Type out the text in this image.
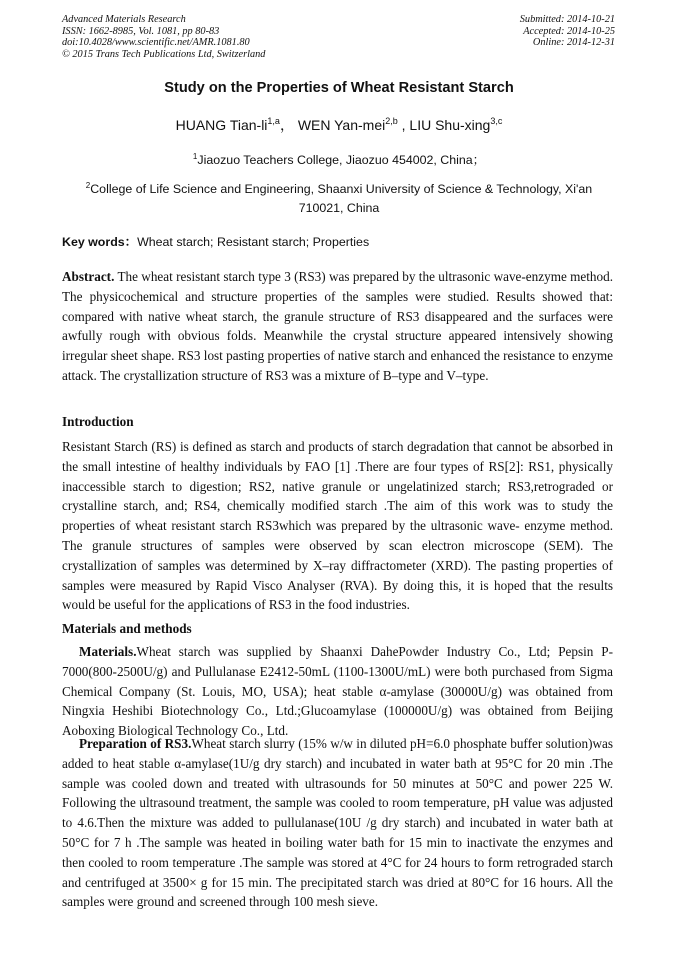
Advanced Materials Research
ISSN: 1662-8985, Vol. 1081, pp 80-83
doi:10.4028/www.scientific.net/AMR.1081.80
© 2015 Trans Tech Publications Ltd, Switzerland
Submitted: 2014-10-21
Accepted: 2014-10-25
Online: 2014-12-31
Study on the Properties of Wheat Resistant Starch
HUANG Tian-li$^{1,a}$， WEN Yan-mei$^{2,b}$ , LIU Shu-xing$^{3,c}$
$^1$Jiaozuo Teachers College, Jiaozuo 454002, China；
$^2$College of Life Science and Engineering, Shaanxi University of Science & Technology, Xi'an 710021, China
Key words：Wheat starch; Resistant starch; Properties
Abstract. The wheat resistant starch type 3 (RS3) was prepared by the ultrasonic wave-enzyme method. The physicochemical and structure properties of the samples were studied. Results showed that: compared with native wheat starch, the granule structure of RS3 disappeared and the surfaces were awfully rough with obvious folds. Meanwhile the crystal structure appeared intensively showing irregular sheet shape. RS3 lost pasting properties of native starch and enhanced the resistance to enzyme attack. The crystallization structure of RS3 was a mixture of B–type and V–type.
Introduction
Resistant Starch (RS) is defined as starch and products of starch degradation that cannot be absorbed in the small intestine of healthy individuals by FAO [1] .There are four types of RS[2]: RS1, physically inaccessible starch to digestion; RS2, native granule or ungelatinized starch; RS3,retrograded or crystalline starch, and; RS4, chemically modified starch .The aim of this work was to study the properties of wheat resistant starch RS3which was prepared by the ultrasonic wave- enzyme method. The granule structures of samples were observed by scan electron microscope (SEM). The crystallization of samples was determined by X–ray diffractometer (XRD). The pasting properties of samples were measured by Rapid Visco Analyser (RVA). By doing this, it is hoped that the results would be useful for the applications of RS3 in the food industries.
Materials and methods
Materials.Wheat starch was supplied by Shaanxi DahePowder Industry Co., Ltd; Pepsin P-7000(800-2500U/g) and Pullulanase E2412-50mL (1100-1300U/mL) were both purchased from Sigma Chemical Company (St. Louis, MO, USA); heat stable α-amylase (30000U/g) was obtained from Ningxia Heshibi Biotechnology Co., Ltd.;Glucoamylase (100000U/g) was obtained from Beijing Aoboxing Biological Technology Co., Ltd.
Preparation of RS3.Wheat starch slurry (15% w/w in diluted pH=6.0 phosphate buffer solution)was added to heat stable α-amylase(1U/g dry starch) and incubated in water bath at 95°C for 20 min .The sample was cooled down and treated with ultrasounds for 50 minutes at 50°C and power 225 W. Following the ultrasound treatment, the sample was cooled to room temperature, pH value was adjusted to 4.6.Then the mixture was added to pullulanase(10U /g dry starch) and incubated in water bath at 50°C for 7 h .The sample was heated in boiling water bath for 15 min to inactivate the enzymes and then cooled to room temperature .The sample was stored at 4°C for 24 hours to form retrograded starch and centrifuged at 3500× g for 15 min. The precipitated starch was dried at 80°C for 16 hours. All the samples were ground and screened through 100 mesh sieve.
